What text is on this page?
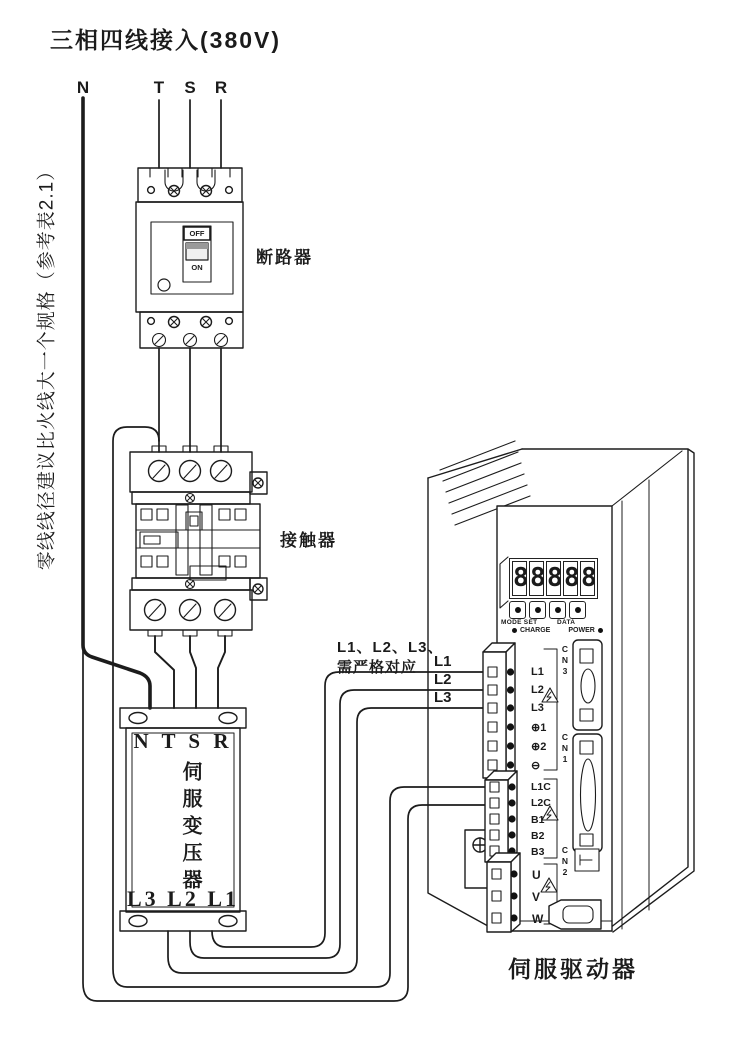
三相四线接入(380V)
零线线径建议比火线大一个规格（参考表2.1）
N	T	S	R
OFF
ON
断路器
接触器
N T S R
伺服变压器
L3 L2 L1
L1、L2、L3、
需严格对应 L1
L2
L3
8 8 8 8 8
MODE SET	DATA
CHARGE	POWER
CN3
CN1
CN2
L1
L2
L3
⊕1
⊕2
⊖
L1C
L2C
B1
B2
B3
U
V
W
伺服驱动器
